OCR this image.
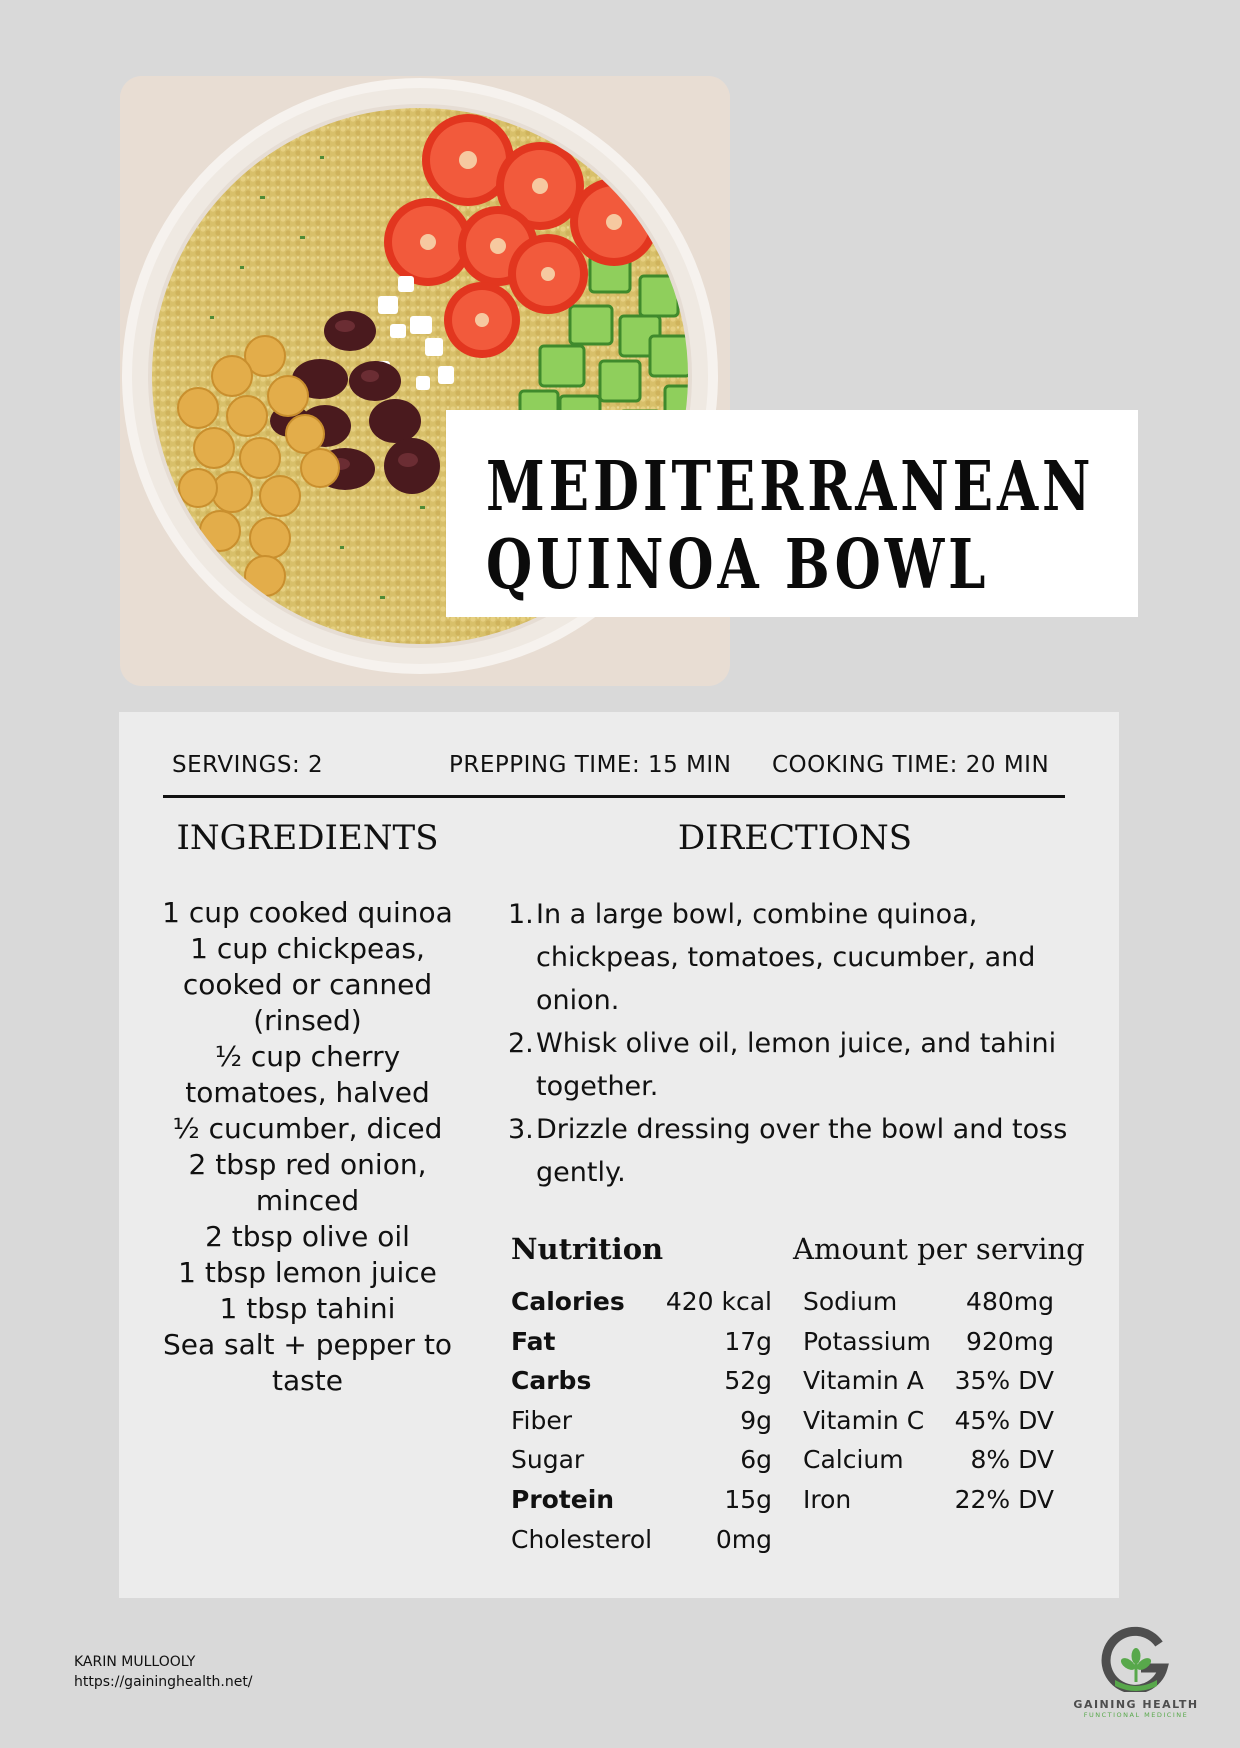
MEDITERRANEAN
QUINOA BOWL
SERVINGS: 2	PREPPING TIME: 15 MIN COOKING TIME: 20 MIN
INGREDIENTS
1 cup cooked quinoa
1 cup chickpeas,
cooked or canned
(rinsed)
½ cup cherry
tomatoes, halved
½ cucumber, diced
2 tbsp red onion,
minced
2 tbsp olive oil
1 tbsp lemon juice
1 tbsp tahini
Sea salt + pepper to
taste
DIRECTIONS
1. In a large bowl, combine quinoa, chickpeas, tomatoes, cucumber, and onion.
2. Whisk olive oil, lemon juice, and tahini together.
3. Drizzle dressing over the bowl and toss gently.
Nutrition	Amount per serving
Calories 420 kcal
Fat	17g
Carbs	52g
Fiber	9g
Sugar	6g
Protein	15g
Cholesterol	0mg
Sodium	480mg
Potassium 920mg
Vitamin A 35% DV
Vitamin C 45% DV
Calcium	8% DV
Iron	22% DV
KARIN MULLOOLY
https://gaininghealth.net/
GAINING HEALTH
FUNCTIONAL MEDICINE
